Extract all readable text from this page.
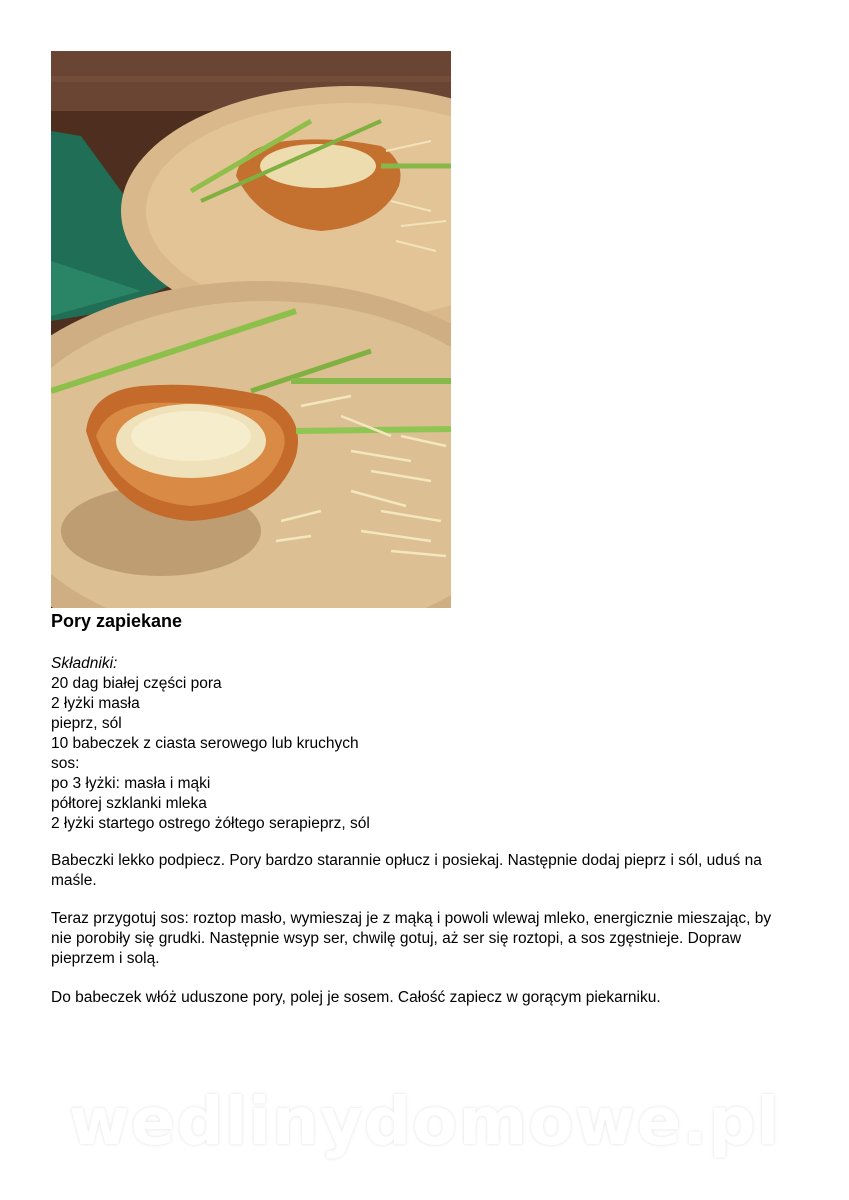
Pory zapiekane
Składniki:
20 dag białej części pora
2 łyżki masła
pieprz, sól
10 babeczek z ciasta serowego lub kruchych
sos:
po 3 łyżki: masła i mąki
półtorej szklanki mleka
2 łyżki startego ostrego żółtego serapieprz, sól

Babeczki lekko podpiecz. Pory bardzo starannie opłucz i posiekaj. Następnie dodaj pieprz i sól, uduś na maśle.

Teraz przygotuj sos: roztop masło, wymieszaj je z mąką i powoli wlewaj mleko, energicznie mieszając, by nie porobiły się grudki. Następnie wsyp ser, chwilę gotuj, aż ser się roztopi, a sos zgęstnieje. Dopraw pieprzem i solą.

Do babeczek włóż uduszone pory, polej je sosem. Całość zapiecz w gorącym piekarniku.

wedlinydomowe.pl
